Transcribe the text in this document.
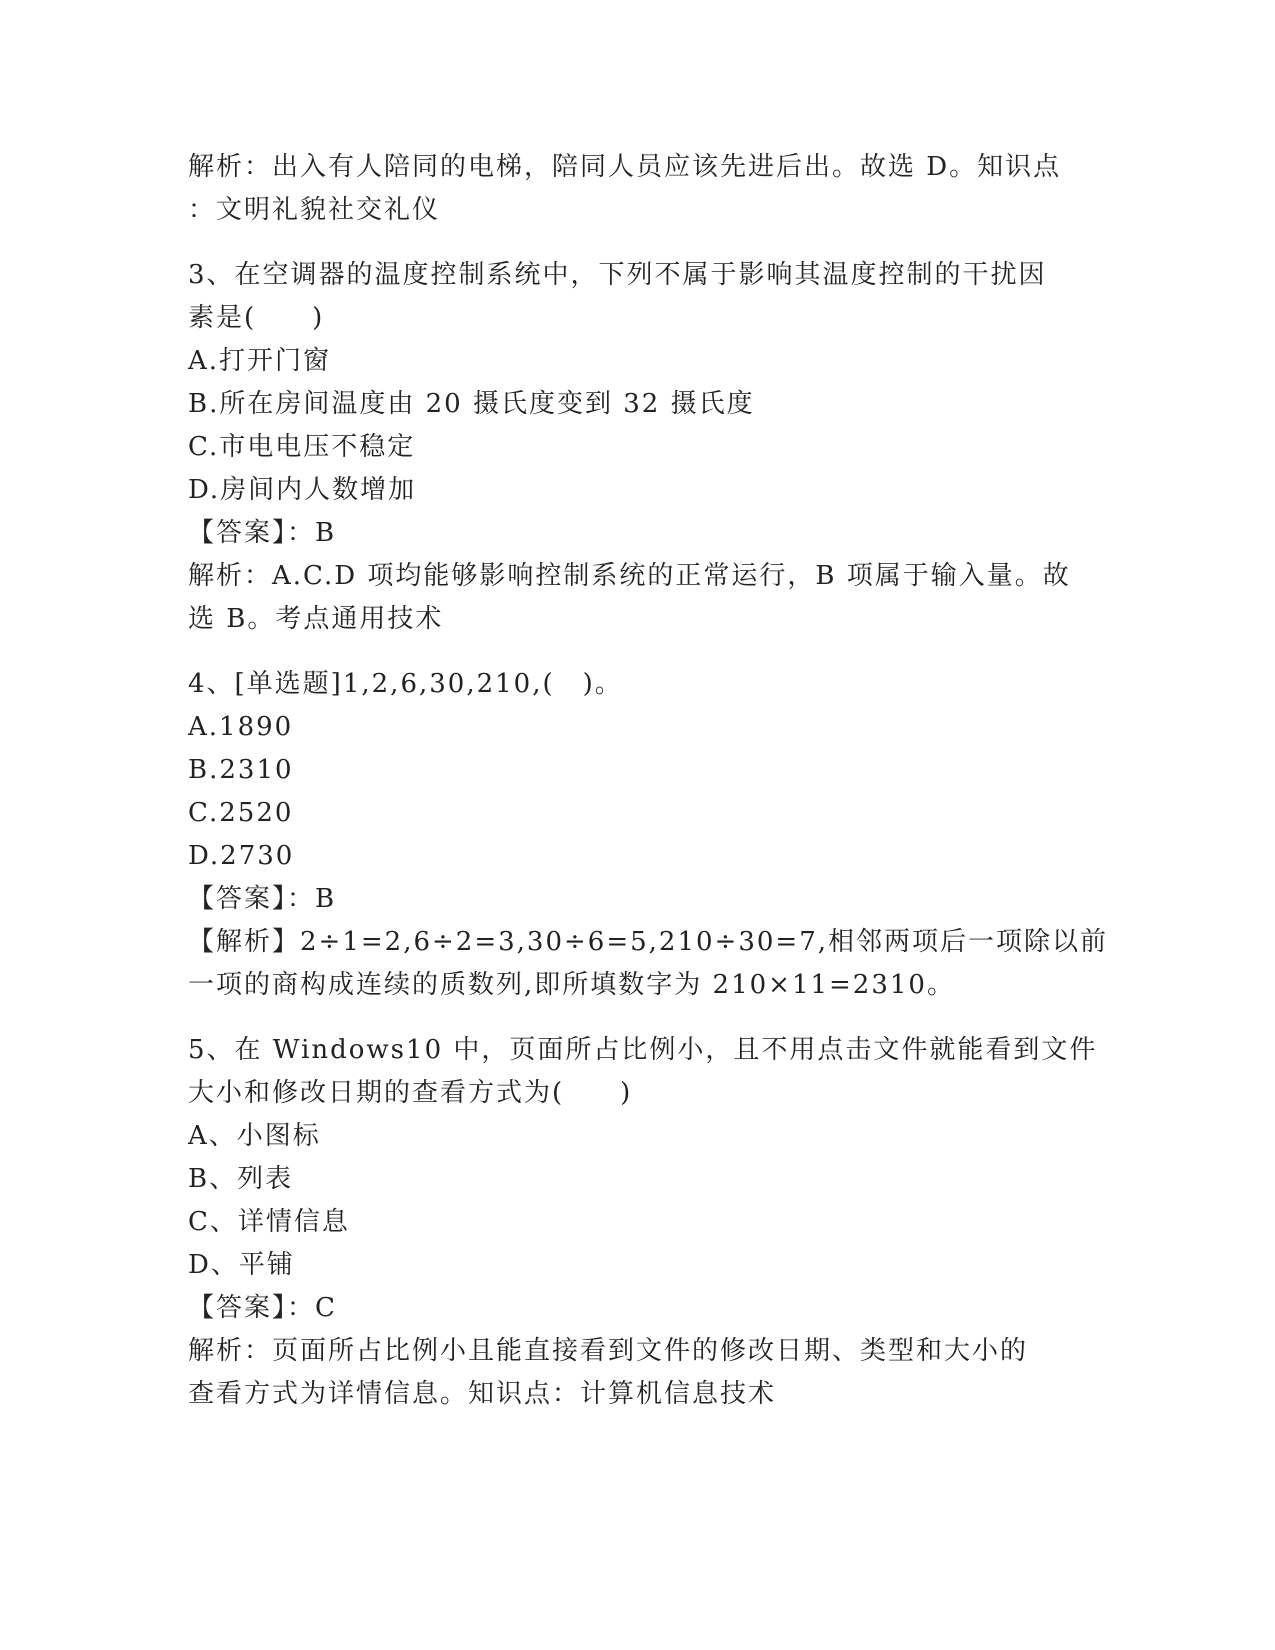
解析：出入有人陪同的电梯，陪同人员应该先进后出。故选 D。知识点
：文明礼貌社交礼仪
3、在空调器的温度控制系统中，下列不属于影响其温度控制的干扰因
素是(　　)
A.打开门窗
B.所在房间温度由 20 摄氏度变到 32 摄氏度
C.市电电压不稳定
D.房间内人数增加
【答案】：B
解析：A.C.D 项均能够影响控制系统的正常运行，B 项属于输入量。故
选 B。考点通用技术
4、[单选题]1,2,6,30,210,(　)。
A.1890
B.2310
C.2520
D.2730
【答案】：B
【解析】2÷1=2,6÷2=3,30÷6=5,210÷30=7,相邻两项后一项除以前
一项的商构成连续的质数列,即所填数字为 210×11=2310。
5、在 Windows10 中，页面所占比例小，且不用点击文件就能看到文件
大小和修改日期的查看方式为(　　)
A、小图标
B、列表
C、详情信息
D、平铺
【答案】：C
解析：页面所占比例小且能直接看到文件的修改日期、类型和大小的
查看方式为详情信息。知识点：计算机信息技术
